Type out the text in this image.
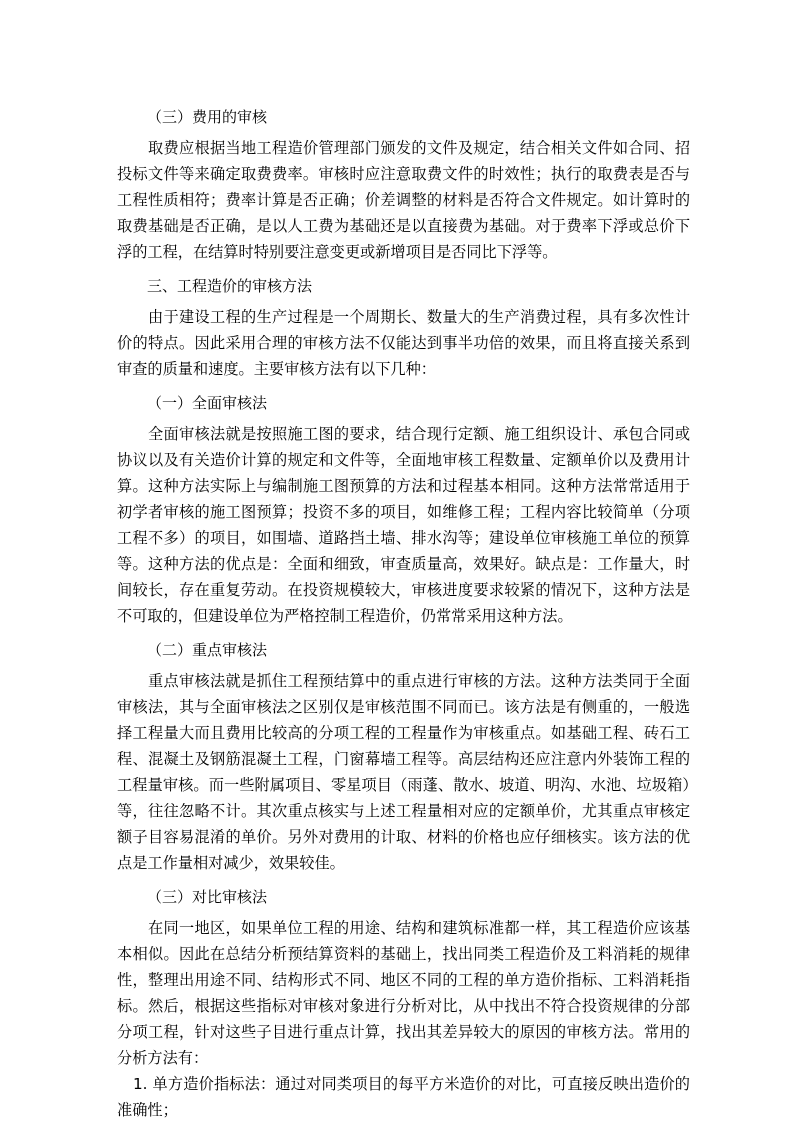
（三）费用的审核

取费应根据当地工程造价管理部门颁发的文件及规定，结合相关文件如合同、招投标文件等来确定取费费率。审核时应注意取费文件的时效性；执行的取费表是否与工程性质相符；费率计算是否正确；价差调整的材料是否符合文件规定。如计算时的取费基础是否正确，是以人工费为基础还是以直接费为基础。对于费率下浮或总价下浮的工程，在结算时特别要注意变更或新增项目是否同比下浮等。

三、工程造价的审核方法

由于建设工程的生产过程是一个周期长、数量大的生产消费过程，具有多次性计价的特点。因此采用合理的审核方法不仅能达到事半功倍的效果，而且将直接关系到审查的质量和速度。主要审核方法有以下几种：

（一）全面审核法

全面审核法就是按照施工图的要求，结合现行定额、施工组织设计、承包合同或协议以及有关造价计算的规定和文件等，全面地审核工程数量、定额单价以及费用计算。这种方法实际上与编制施工图预算的方法和过程基本相同。这种方法常常适用于初学者审核的施工图预算；投资不多的项目，如维修工程；工程内容比较简单（分项工程不多）的项目，如围墙、道路挡土墙、排水沟等；建设单位审核施工单位的预算等。这种方法的优点是：全面和细致，审查质量高，效果好。缺点是：工作量大，时间较长，存在重复劳动。在投资规模较大，审核进度要求较紧的情况下，这种方法是不可取的，但建设单位为严格控制工程造价，仍常常采用这种方法。

（二）重点审核法

重点审核法就是抓住工程预结算中的重点进行审核的方法。这种方法类同于全面审核法，其与全面审核法之区别仅是审核范围不同而已。该方法是有侧重的，一般选择工程量大而且费用比较高的分项工程的工程量作为审核重点。如基础工程、砖石工程、混凝土及钢筋混凝土工程，门窗幕墙工程等。高层结构还应注意内外装饰工程的工程量审核。而一些附属项目、零星项目（雨蓬、散水、坡道、明沟、水池、垃圾箱）等，往往忽略不计。其次重点核实与上述工程量相对应的定额单价，尤其重点审核定额子目容易混淆的单价。另外对费用的计取、材料的价格也应仔细核实。该方法的优点是工作量相对减少，效果较佳。

（三）对比审核法

在同一地区，如果单位工程的用途、结构和建筑标准都一样，其工程造价应该基本相似。因此在总结分析预结算资料的基础上，找出同类工程造价及工料消耗的规律性，整理出用途不同、结构形式不同、地区不同的工程的单方造价指标、工料消耗指标。然后，根据这些指标对审核对象进行分析对比，从中找出不符合投资规律的分部分项工程，针对这些子目进行重点计算，找出其差异较大的原因的审核方法。常用的分析方法有：

1. 单方造价指标法：通过对同类项目的每平方米造价的对比，可直接反映出造价的准确性；
